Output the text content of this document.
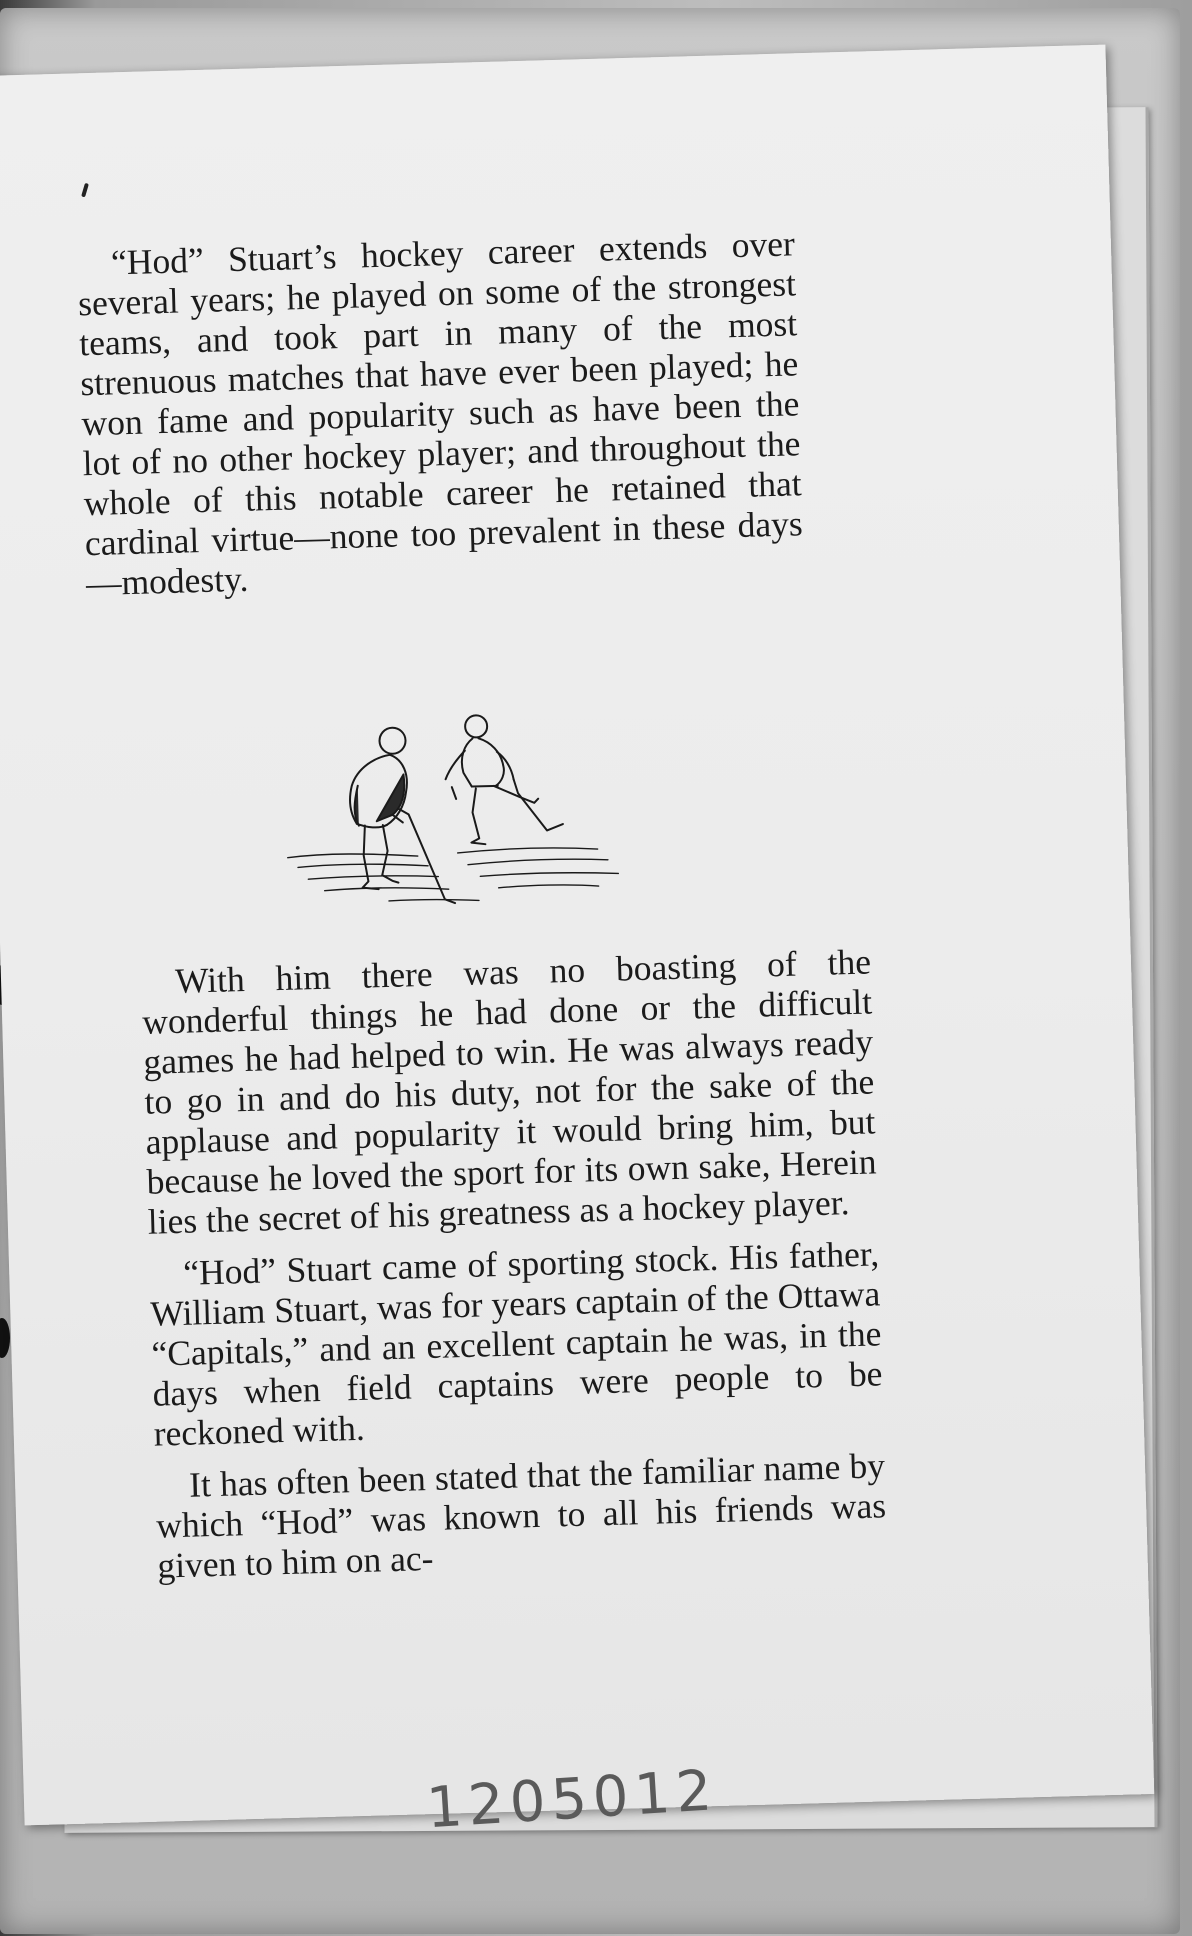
“Hod” Stuart’s hockey career extends over several years; he played on some of the strongest teams, and took part in many of the most strenuous matches that have ever been played; he won fame and popularity such as have been the lot of no other hockey player; and throughout the whole of this notable career he retained that cardinal virtue—none too prevalent in these days—modesty.

With him there was no boasting of the wonderful things he had done or the difficult games he had helped to win. He was always ready to go in and do his duty, not for the sake of the applause and popularity it would bring him, but because he loved the sport for its own sake, Herein lies the secret of his greatness as a hockey player.

“Hod” Stuart came of sporting stock. His father, William Stuart, was for years captain of the Ottawa “Capitals,” and an excellent captain he was, in the days when field captains were people to be reckoned with.

It has often been stated that the familiar name by which “Hod” was known to all his friends was given to him on ac-

1205012
